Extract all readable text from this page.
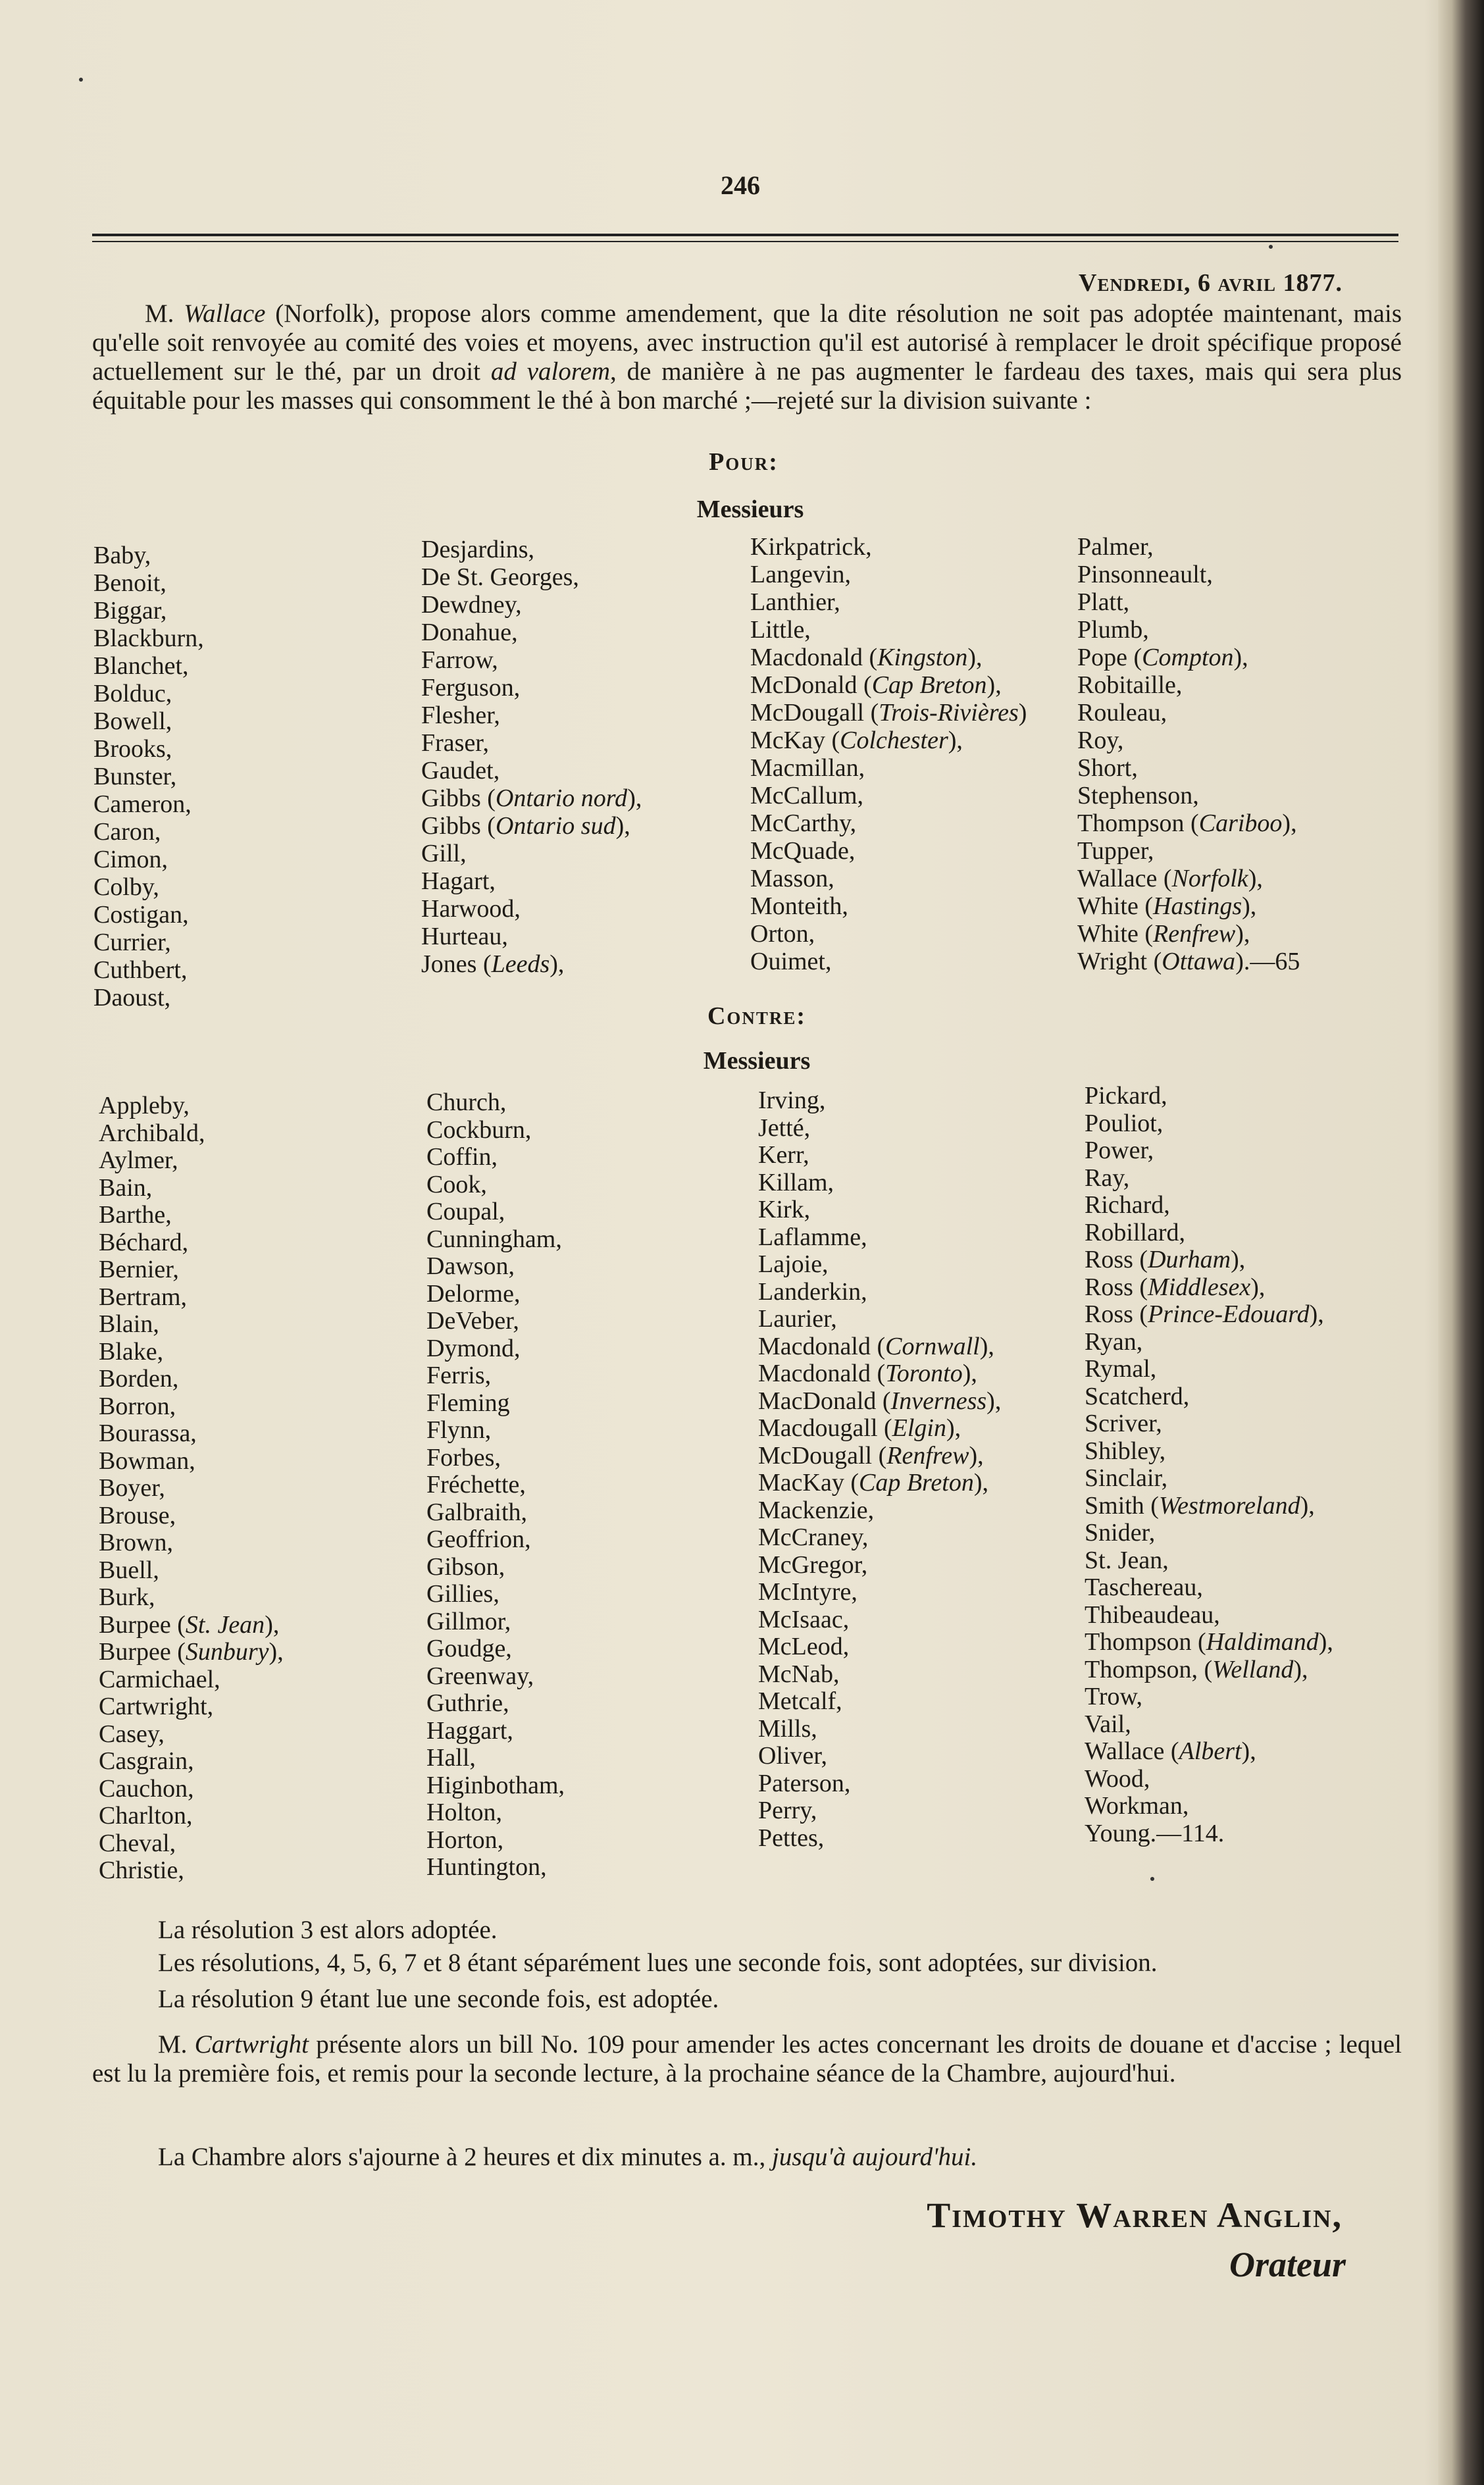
246
Vendredi, 6 avril 1877.

M. Wallace (Norfolk), propose alors comme amendement, que la dite résolution ne soit pas adoptée maintenant, mais qu'elle soit renvoyée au comité des voies et moyens, avec instruction qu'il est autorisé à remplacer le droit spécifique proposé actuellement sur le thé, par un droit ad valorem, de manière à ne pas augmenter le fardeau des taxes, mais qui sera plus équitable pour les masses qui consomment le thé à bon marché ;—rejeté sur la division suivante :

Pour:
Messieurs
Baby,
Benoit,
Biggar,
Blackburn,
Blanchet,
Bolduc,
Bowell,
Brooks,
Bunster,
Cameron,
Caron,
Cimon,
Colby,
Costigan,
Currier,
Cuthbert,
Daoust,
Desjardins,
De St. Georges,
Dewdney,
Donahue,
Farrow,
Ferguson,
Flesher,
Fraser,
Gaudet,
Gibbs (Ontario nord),
Gibbs (Ontario sud),
Gill,
Hagart,
Harwood,
Hurteau,
Jones (Leeds),
Kirkpatrick,
Langevin,
Lanthier,
Little,
Macdonald (Kingston),
McDonald (Cap Breton),
McDougall (Trois-Rivières)
McKay (Colchester),
Macmillan,
McCallum,
McCarthy,
McQuade,
Masson,
Monteith,
Orton,
Ouimet,
Palmer,
Pinsonneault,
Platt,
Plumb,
Pope (Compton),
Robitaille,
Rouleau,
Roy,
Short,
Stephenson,
Thompson (Cariboo),
Tupper,
Wallace (Norfolk),
White (Hastings),
White (Renfrew),
Wright (Ottawa).—65
Contre:
Messieurs
Appleby,
Archibald,
Aylmer,
Bain,
Barthe,
Béchard,
Bernier,
Bertram,
Blain,
Blake,
Borden,
Borron,
Bourassa,
Bowman,
Boyer,
Brouse,
Brown,
Buell,
Burk,
Burpee (St. Jean),
Burpee (Sunbury),
Carmichael,
Cartwright,
Casey,
Casgrain,
Cauchon,
Charlton,
Cheval,
Christie,
Church,
Cockburn,
Coffin,
Cook,
Coupal,
Cunningham,
Dawson,
Delorme,
DeVeber,
Dymond,
Ferris,
Fleming
Flynn,
Forbes,
Fréchette,
Galbraith,
Geoffrion,
Gibson,
Gillies,
Gillmor,
Goudge,
Greenway,
Guthrie,
Haggart,
Hall,
Higinbotham,
Holton,
Horton,
Huntington,
Irving,
Jetté,
Kerr,
Killam,
Kirk,
Laflamme,
Lajoie,
Landerkin,
Laurier,
Macdonald (Cornwall),
Macdonald (Toronto),
MacDonald (Inverness),
Macdougall (Elgin),
McDougall (Renfrew),
MacKay (Cap Breton),
Mackenzie,
McCraney,
McGregor,
McIntyre,
McIsaac,
McLeod,
McNab,
Metcalf,
Mills,
Oliver,
Paterson,
Perry,
Pettes,
Pickard,
Pouliot,
Power,
Ray,
Richard,
Robillard,
Ross (Durham),
Ross (Middlesex),
Ross (Prince-Edouard),
Ryan,
Rymal,
Scatcherd,
Scriver,
Shibley,
Sinclair,
Smith (Westmoreland),
Snider,
St. Jean,
Taschereau,
Thibeaudeau,
Thompson (Haldimand),
Thompson, (Welland),
Trow,
Vail,
Wallace (Albert),
Wood,
Workman,
Young.—114.

La résolution 3 est alors adoptée.

Les résolutions, 4, 5, 6, 7 et 8 étant séparément lues une seconde fois, sont adoptées, sur division.

La résolution 9 étant lue une seconde fois, est adoptée.

M. Cartwright présente alors un bill No. 109 pour amender les actes concernant les droits de douane et d'accise ; lequel est lu la première fois, et remis pour la seconde lecture, à la prochaine séance de la Chambre, aujourd'hui.

La Chambre alors s'ajourne à 2 heures et dix minutes a. m., jusqu'à aujourd'hui.

Timothy Warren Anglin,
Orateur
